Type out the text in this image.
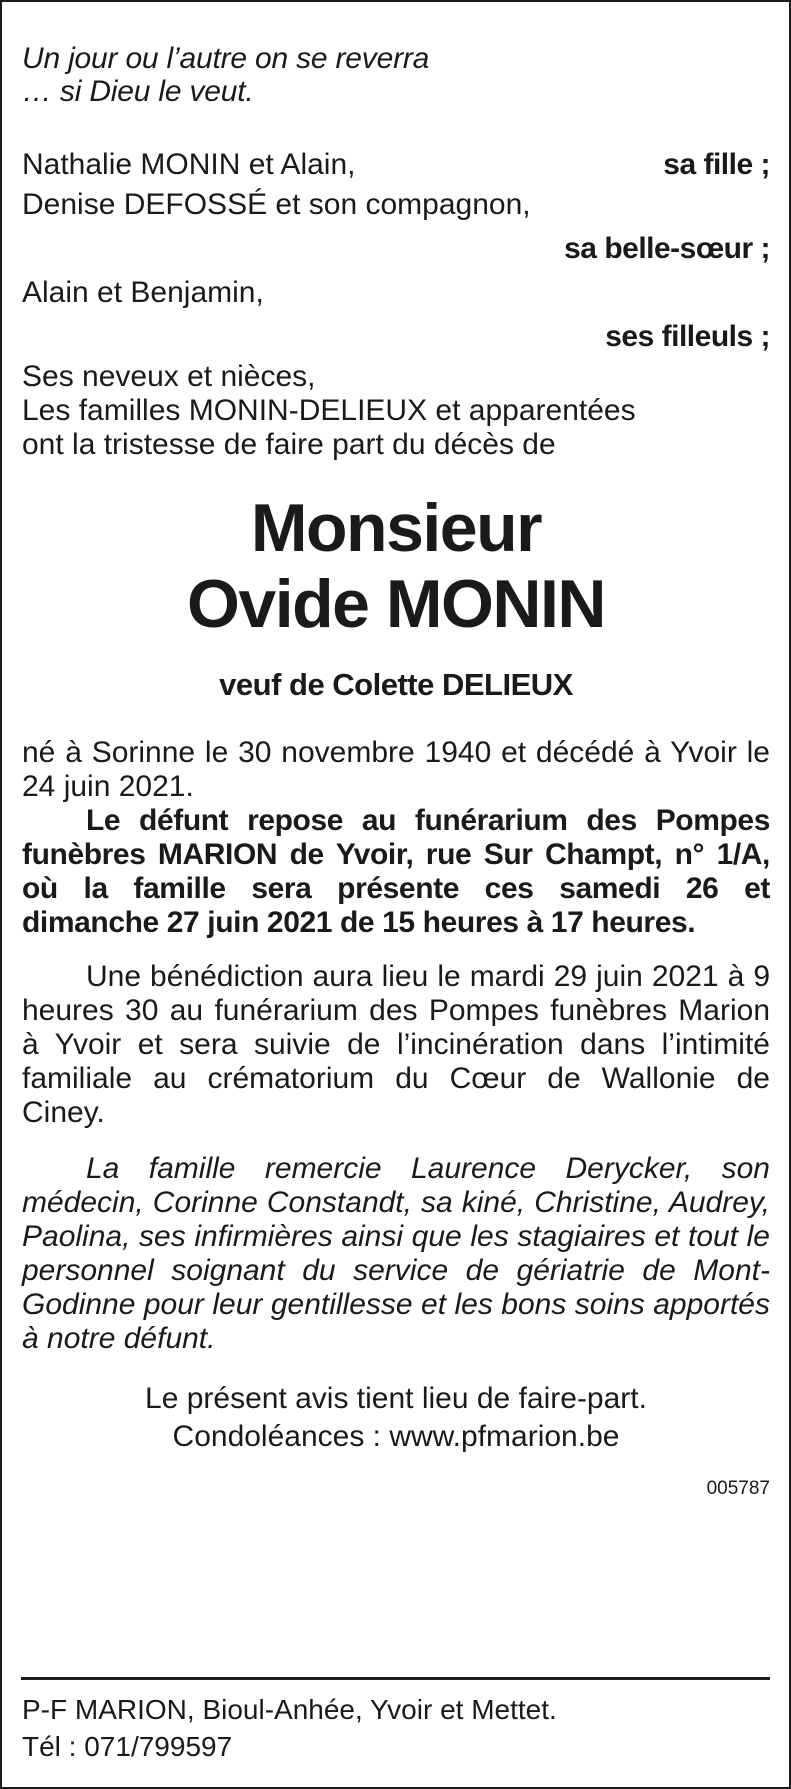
Un jour ou l’autre on se reverra
… si Dieu le veut.
Nathalie MONIN et Alain,	sa fille ;
Denise DEFOSSÉ et son compagnon,
sa belle-sœur ;
Alain et Benjamin,
ses filleuls ;
Ses neveux et nièces,
Les familles MONIN-DELIEUX et apparentées
ont la tristesse de faire part du décès de
Monsieur
Ovide MONIN
veuf de Colette DELIEUX
né à Sorinne le 30 novembre 1940 et décédé à Yvoir le 24 juin 2021.
Le défunt repose au funérarium des Pompes funèbres MARION de Yvoir, rue Sur Champt, n° 1/A, où la famille sera présente ces samedi 26 et dimanche 27 juin 2021 de 15 heures à 17 heures.
Une bénédiction aura lieu le mardi 29 juin 2021 à 9 heures 30 au funérarium des Pompes funèbres Marion à Yvoir et sera suivie de l’incinération dans l’intimité familiale au crématorium du Cœur de Wallonie de Ciney.
La famille remercie Laurence Derycker, son médecin, Corinne Constandt, sa kiné, Christine, Audrey, Paolina, ses infirmières ainsi que les stagiaires et tout le personnel soignant du service de gériatrie de Mont-Godinne pour leur gentillesse et les bons soins apportés à notre défunt.
Le présent avis tient lieu de faire-part.
Condoléances : www.pfmarion.be
005787
P-F MARION, Bioul-Anhée, Yvoir et Mettet.
Tél : 071/799597
